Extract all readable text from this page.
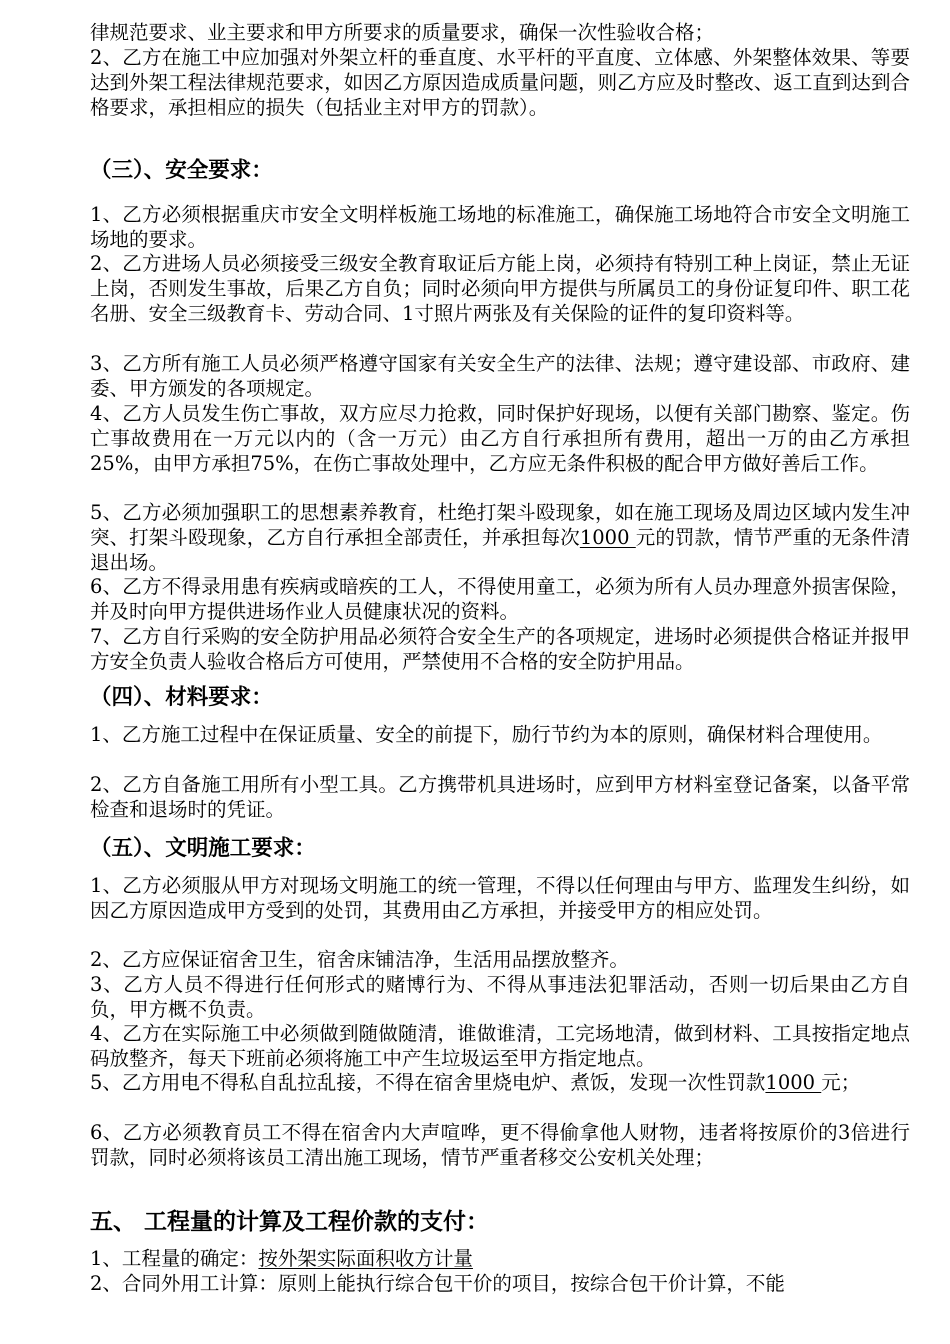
律规范要求、业主要求和甲方所要求的质量要求，确保一次性验收合格；

2、乙方在施工中应加强对外架立杆的垂直度、水平杆的平直度、立体感、外架整体效果、等要达到外架工程法律规范要求，如因乙方原因造成质量问题，则乙方应及时整改、返工直到达到合格要求，承担相应的损失（包括业主对甲方的罚款）。

（三）、安全要求：

1、乙方必须根据重庆市安全文明样板施工场地的标准施工，确保施工场地符合市安全文明施工场地的要求。

2、乙方进场人员必须接受三级安全教育取证后方能上岗，必须持有特别工种上岗证，禁止无证上岗，否则发生事故，后果乙方自负；同时必须向甲方提供与所属员工的身份证复印件、职工花名册、安全三级教育卡、劳动合同、1寸照片两张及有关保险的证件的复印资料等。

3、乙方所有施工人员必须严格遵守国家有关安全生产的法律、法规；遵守建设部、市政府、建委、甲方颁发的各项规定。

4、乙方人员发生伤亡事故，双方应尽力抢救，同时保护好现场，以便有关部门勘察、鉴定。伤亡事故费用在一万元以内的（含一万元）由乙方自行承担所有费用，超出一万的由乙方承担25%，由甲方承担75%，在伤亡事故处理中，乙方应无条件积极的配合甲方做好善后工作。

5、乙方必须加强职工的思想素养教育，杜绝打架斗殴现象，如在施工现场及周边区域内发生冲突、打架斗殴现象，乙方自行承担全部责任，并承担每次1000 元的罚款，情节严重的无条件清退出场。

6、乙方不得录用患有疾病或暗疾的工人，不得使用童工，必须为所有人员办理意外损害保险，并及时向甲方提供进场作业人员健康状况的资料。

7、乙方自行采购的安全防护用品必须符合安全生产的各项规定，进场时必须提供合格证并报甲方安全负责人验收合格后方可使用，严禁使用不合格的安全防护用品。

（四）、材料要求：

1、乙方施工过程中在保证质量、安全的前提下，励行节约为本的原则，确保材料合理使用。

2、乙方自备施工用所有小型工具。乙方携带机具进场时，应到甲方材料室登记备案，以备平常检查和退场时的凭证。

（五）、文明施工要求：

1、乙方必须服从甲方对现场文明施工的统一管理，不得以任何理由与甲方、监理发生纠纷，如因乙方原因造成甲方受到的处罚，其费用由乙方承担，并接受甲方的相应处罚。

2、乙方应保证宿舍卫生，宿舍床铺洁净，生活用品摆放整齐。

3、乙方人员不得进行任何形式的赌博行为、不得从事违法犯罪活动，否则一切后果由乙方自负，甲方概不负责。

4、乙方在实际施工中必须做到随做随清，谁做谁清，工完场地清，做到材料、工具按指定地点码放整齐，每天下班前必须将施工中产生垃圾运至甲方指定地点。

5、乙方用电不得私自乱拉乱接，不得在宿舍里烧电炉、煮饭，发现一次性罚款1000 元；

6、乙方必须教育员工不得在宿舍内大声喧哗，更不得偷拿他人财物，违者将按原价的3倍进行罚款，同时必须将该员工清出施工现场，情节严重者移交公安机关处理；

五、 工程量的计算及工程价款的支付：

1、工程量的确定：按外架实际面积收方计量

2、合同外用工计算：原则上能执行综合包干价的项目，按综合包干价计算，不能
